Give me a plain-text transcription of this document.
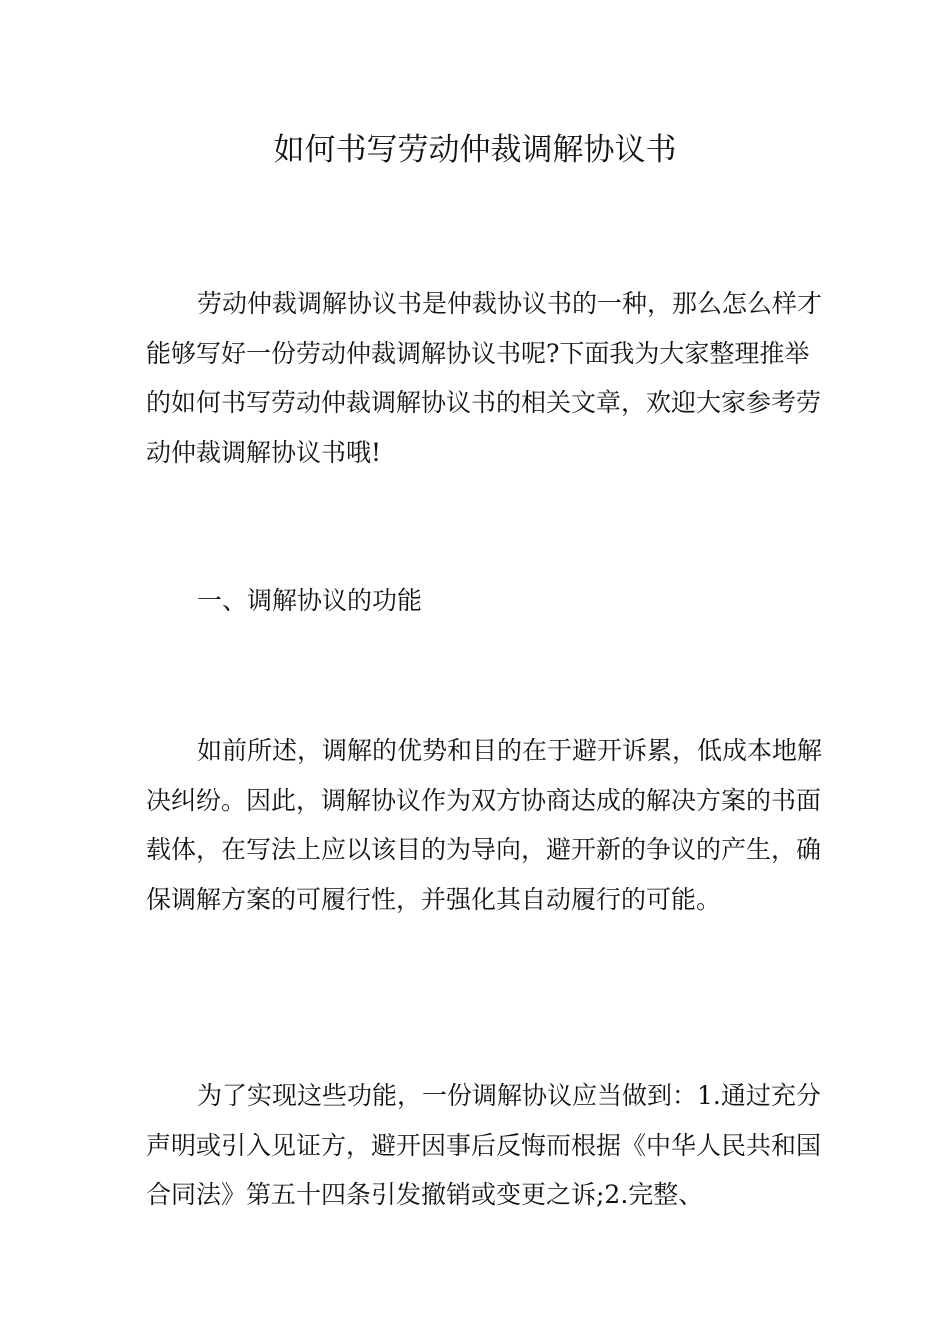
如何书写劳动仲裁调解协议书

劳动仲裁调解协议书是仲裁协议书的一种，那么怎么样才能够写好一份劳动仲裁调解协议书呢?下面我为大家整理推举的如何书写劳动仲裁调解协议书的相关文章，欢迎大家参考劳动仲裁调解协议书哦!

一、调解协议的功能

如前所述，调解的优势和目的在于避开诉累，低成本地解决纠纷。因此，调解协议作为双方协商达成的解决方案的书面载体，在写法上应以该目的为导向，避开新的争议的产生，确保调解方案的可履行性，并强化其自动履行的可能。

为了实现这些功能，一份调解协议应当做到：1.通过充分声明或引入见证方，避开因事后反悔而根据《中华人民共和国合同法》第五十四条引发撤销或变更之诉;2.完整、
